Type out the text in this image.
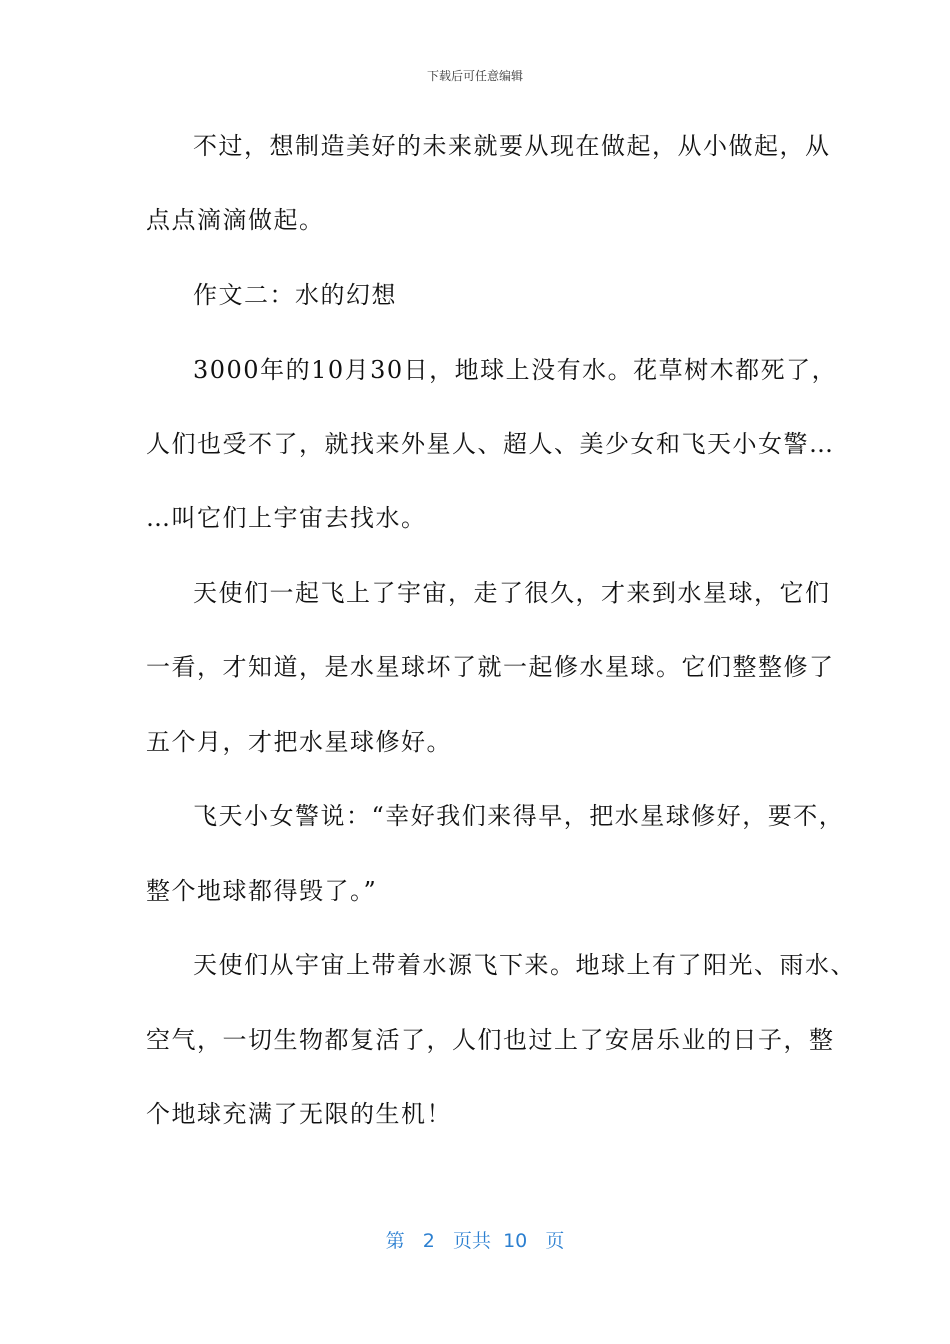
下载后可任意编辑
不过，想制造美好的未来就要从现在做起，从小做起，从
点点滴滴做起。
作文二：水的幻想
3000年的10月30日，地球上没有水。花草树木都死了，
人们也受不了，就找来外星人、超人、美少女和飞天小女警…
…叫它们上宇宙去找水。
天使们一起飞上了宇宙，走了很久，才来到水星球，它们
一看，才知道，是水星球坏了就一起修水星球。它们整整修了
五个月，才把水星球修好。
飞天小女警说：“幸好我们来得早，把水星球修好，要不，
整个地球都得毁了。”
天使们从宇宙上带着水源飞下来。地球上有了阳光、雨水、
空气，一切生物都复活了，人们也过上了安居乐业的日子，整
个地球充满了无限的生机！
第 2 页共 10 页
